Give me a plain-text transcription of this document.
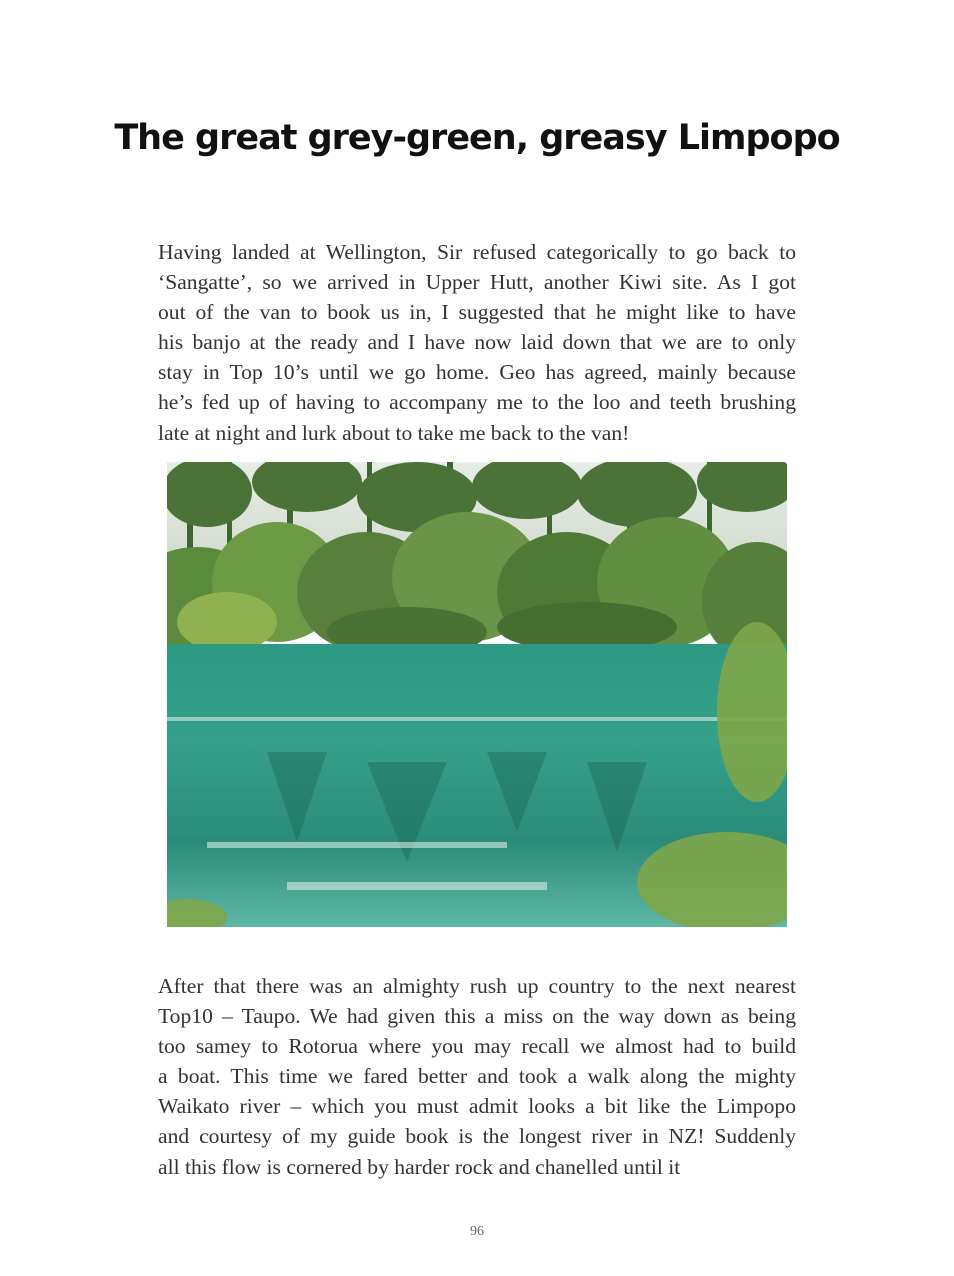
The great grey-green, greasy Limpopo
Having landed at Wellington, Sir refused categorically to go back to
‘Sangatte’, so we arrived in Upper Hutt, another Kiwi site. As I got
out of the van to book us in, I suggested that he might like to have
his banjo at the ready and I have now laid down that we are to only
stay in Top 10’s until we go home. Geo has agreed, mainly because
he’s fed up of having to accompany me to the loo and teeth brushing
late at night and lurk about to take me back to the van!
After that there was an almighty rush up country to the next nearest
Top10 – Taupo. We had given this a miss on the way down as being
too samey to Rotorua where you may recall we almost had to build
a boat. This time we fared better and took a walk along the mighty
Waikato river – which you must admit looks a bit like the Limpopo
and courtesy of my guide book is the longest river in NZ! Suddenly
all this flow is cornered by harder rock and chanelled until it
96
